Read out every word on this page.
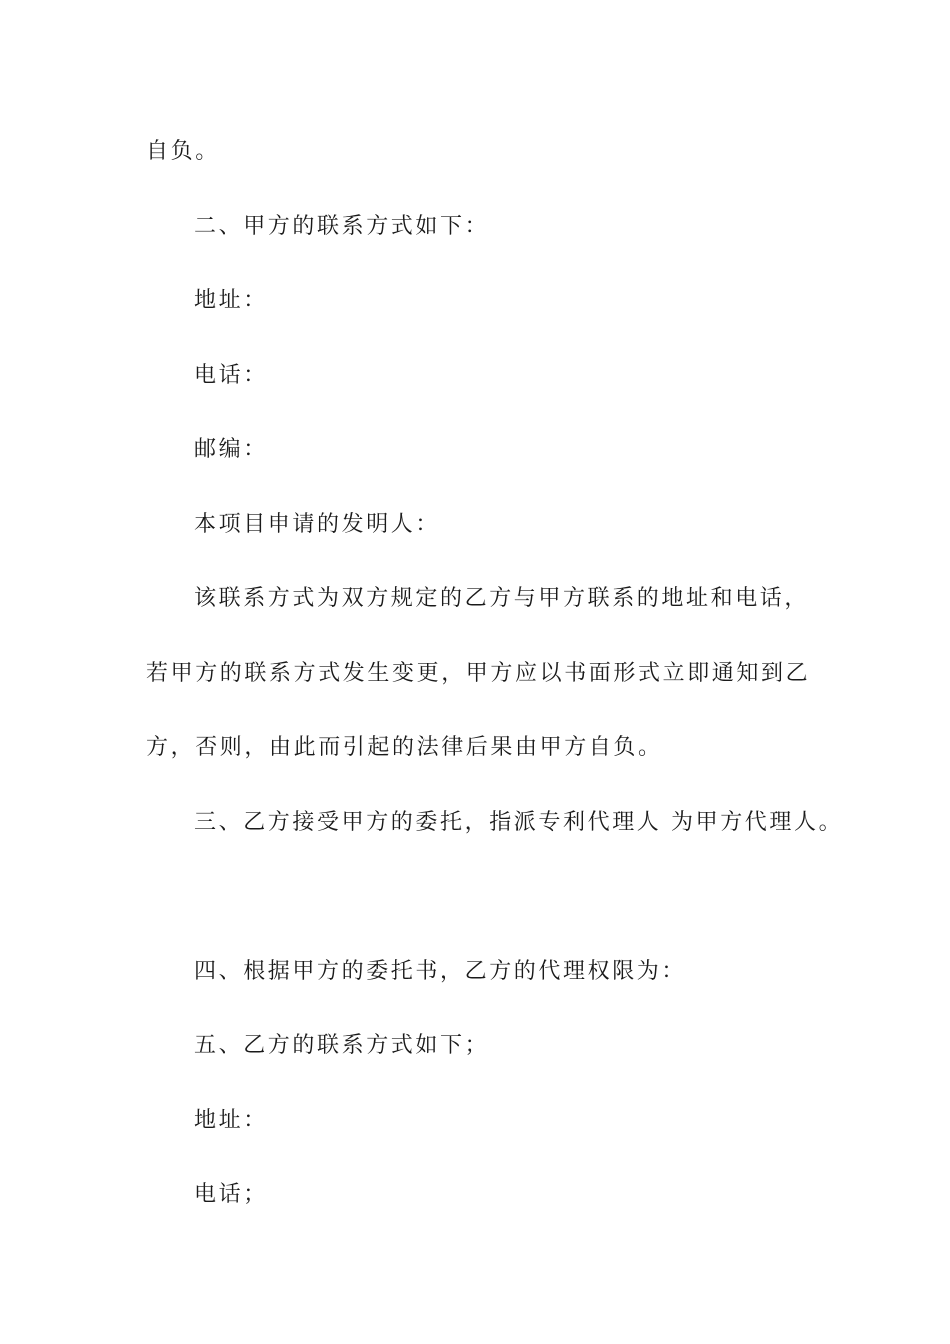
自负。
二、甲方的联系方式如下：
地址：
电话：
邮编：
本项目申请的发明人：
该联系方式为双方规定的乙方与甲方联系的地址和电话，
若甲方的联系方式发生变更，甲方应以书面形式立即通知到乙
方，否则，由此而引起的法律后果由甲方自负。
三、乙方接受甲方的委托，指派专利代理人 为甲方代理人。
四、根据甲方的委托书，乙方的代理权限为：
五、乙方的联系方式如下；
地址：
电话；
